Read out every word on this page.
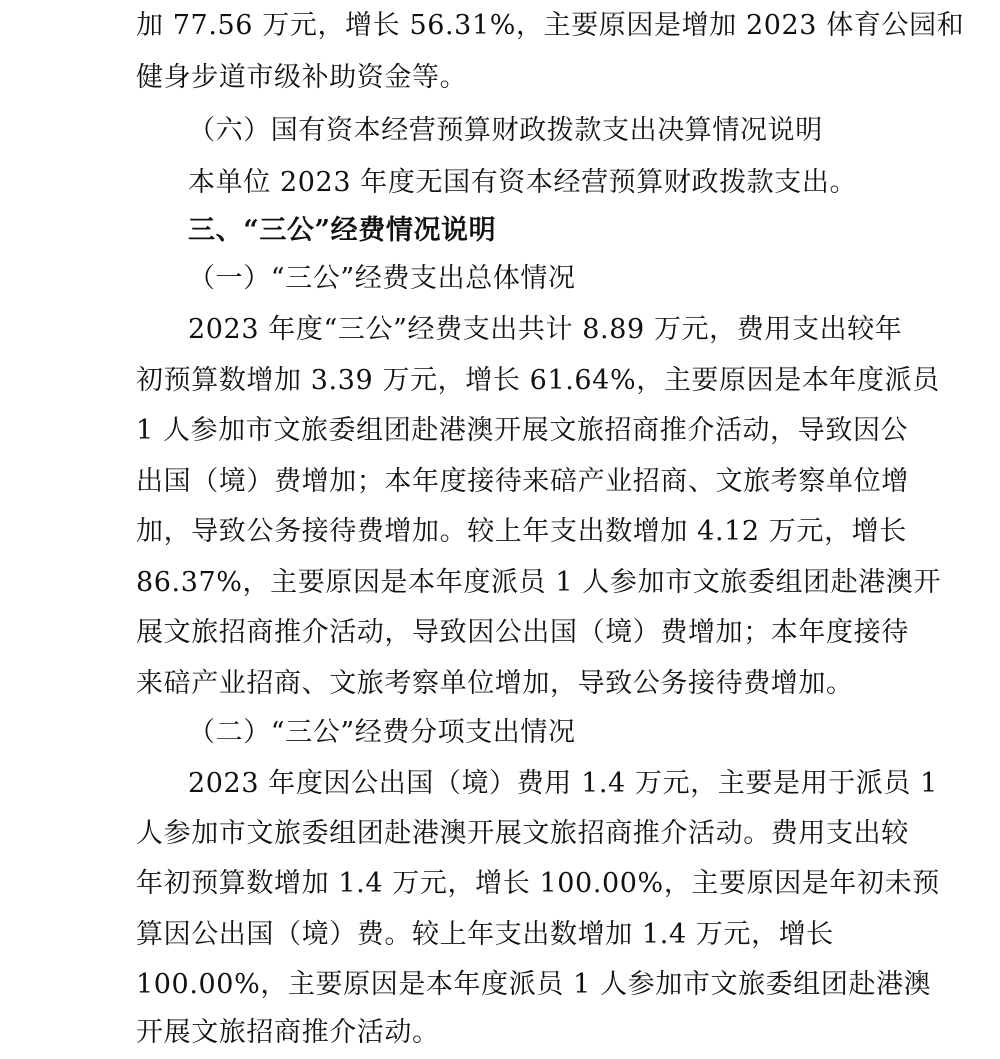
加 77.56 万元，增长 56.31%，主要原因是增加 2023 体育公园和
健身步道市级补助资金等。
（六）国有资本经营预算财政拨款支出决算情况说明
本单位 2023 年度无国有资本经营预算财政拨款支出。
三、“三公”经费情况说明
（一）“三公”经费支出总体情况
2023 年度“三公”经费支出共计 8.89 万元，费用支出较年
初预算数增加 3.39 万元，增长 61.64%，主要原因是本年度派员
1 人参加市文旅委组团赴港澳开展文旅招商推介活动，导致因公
出国（境）费增加；本年度接待来碚产业招商、文旅考察单位增
加，导致公务接待费增加。较上年支出数增加 4.12 万元，增长
86.37%，主要原因是本年度派员 1 人参加市文旅委组团赴港澳开
展文旅招商推介活动，导致因公出国（境）费增加；本年度接待
来碚产业招商、文旅考察单位增加，导致公务接待费增加。
（二）“三公”经费分项支出情况
2023 年度因公出国（境）费用 1.4 万元，主要是用于派员 1
人参加市文旅委组团赴港澳开展文旅招商推介活动。费用支出较
年初预算数增加 1.4 万元，增长 100.00%，主要原因是年初未预
算因公出国（境）费。较上年支出数增加 1.4 万元，增长
100.00%，主要原因是本年度派员 1 人参加市文旅委组团赴港澳
开展文旅招商推介活动。
